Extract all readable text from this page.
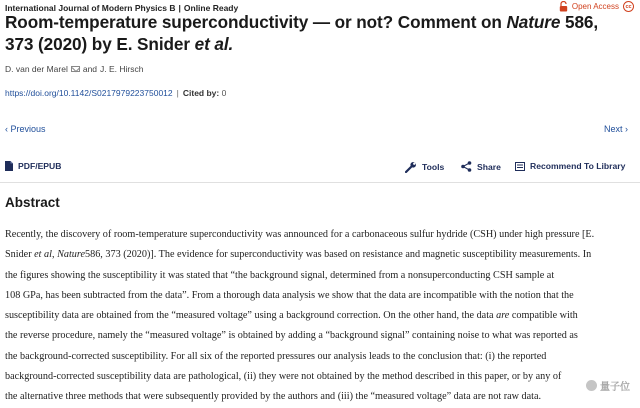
International Journal of Modern Physics B | Online Ready	Open Access	cc
Room-temperature superconductivity — or not? Comment on Nature 586, 373 (2020) by E. Snider et al.
D. van der Marel and J. E. Hirsch
https://doi.org/10.1142/S0217979223750012 | Cited by: 0
‹ Previous	Next ›
PDF/EPUB	Tools	Share	Recommend To Library
Abstract

Recently, the discovery of room-temperature superconductivity was announced for a carbonaceous sulfur hydride (CSH) under high pressure [E.

Snider et al, Nature586, 373 (2020)]. The evidence for superconductivity was based on resistance and magnetic susceptibility measurements. In

the figures showing the susceptibility it was stated that “the background signal, determined from a nonsuperconducting CSH sample at

108 GPa, has been subtracted from the data”. From a thorough data analysis we show that the data are incompatible with the notion that the

susceptibility data are obtained from the “measured voltage” using a background correction. On the other hand, the data are compatible with

the reverse procedure, namely the “measured voltage” is obtained by adding a “background signal” containing noise to what was reported as

the background-corrected susceptibility. For all six of the reported pressures our analysis leads to the conclusion that: (i) the reported

background-corrected susceptibility data are pathological, (ii) they were not obtained by the method described in this paper, or by any of

the alternative three methods that were subsequently provided by the authors and (iii) the “measured voltage” data are not raw data.

量子位
